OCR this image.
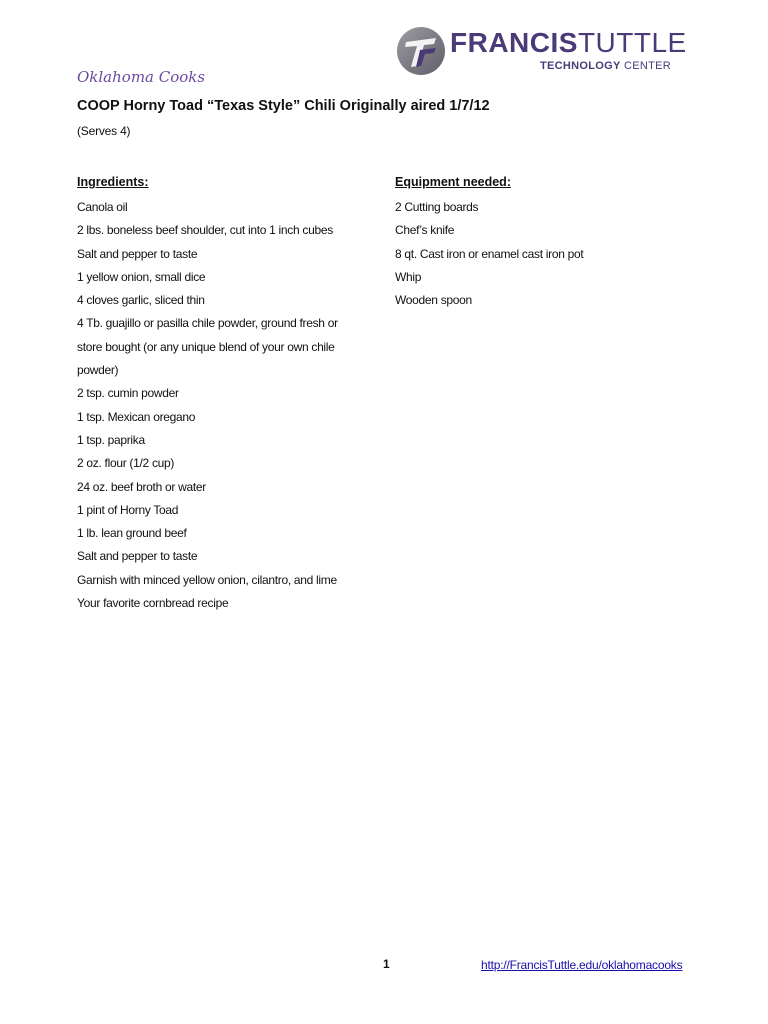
FRANCISTUTTLE
TECHNOLOGY CENTER
Oklahoma Cooks
COOP Horny Toad “Texas Style” Chili Originally aired 1/7/12
(Serves 4)
Ingredients:
Canola oil
2 lbs. boneless beef shoulder, cut into 1 inch cubes
Salt and pepper to taste
1 yellow onion, small dice
4 cloves garlic, sliced thin
4 Tb. guajillo or pasilla chile powder, ground fresh or
store bought (or any unique blend of your own chile
powder)
2 tsp. cumin powder
1 tsp. Mexican oregano
1 tsp. paprika
2 oz. flour (1/2 cup)
24 oz. beef broth or water
1 pint of Horny Toad
1 lb. lean ground beef
Salt and pepper to taste
Garnish with minced yellow onion, cilantro, and lime
Your favorite cornbread recipe
Equipment needed:
2 Cutting boards
Chef’s knife
8 qt. Cast iron or enamel cast iron pot
Whip
Wooden spoon
1	http://FrancisTuttle.edu/oklahomacooks
